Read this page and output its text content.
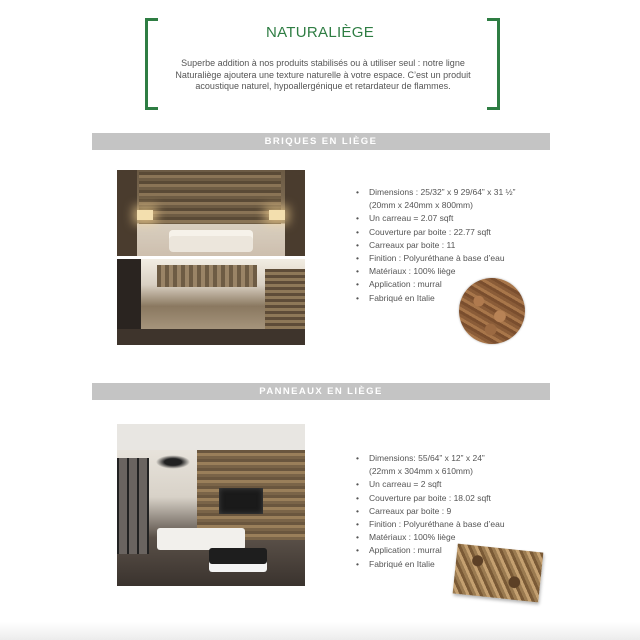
NATURALIÈGE
Superbe addition à nos produits stabilisés ou à utiliser seul : notre ligne Naturaliège ajoutera une texture naturelle à votre espace. C’est un produit acoustique naturel, hypoallergénique et retardateur de flammes.
BRIQUES EN LIÈGE
• Dimensions : 25/32” x 9 29/64” x 31 ½”
(20mm x 240mm x 800mm)
• Un carreau = 2.07 sqft
• Couverture par boite : 22.77 sqft
• Carreaux par boite : 11
• Finition : Polyuréthane à base d’eau
• Matériaux : 100% liège
• Application : murral
• Fabriqué en Italie
PANNEAUX EN LIÈGE
• Dimensions: 55/64” x 12” x 24”
(22mm x 304mm x 610mm)
• Un carreau = 2 sqft
• Couverture par boite : 18.02 sqft
• Carreaux par boite : 9
• Finition : Polyuréthane à base d’eau
• Matériaux : 100% liège
• Application : murral
• Fabriqué en Italie
